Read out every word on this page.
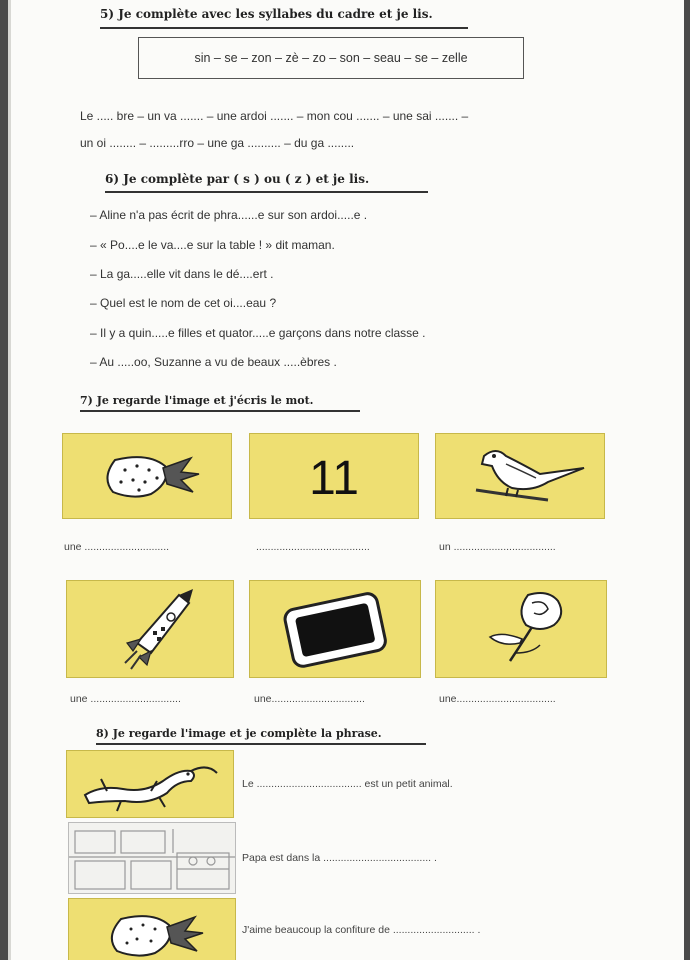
5) Je complète avec les syllabes du cadre et je lis.
sin – se – zon – zè – zo – son – seau – se – zelle
Le ..... bre – un va ....... – une ardoi ....... – mon cou ....... – une sai ....... –
un oi ........ – .........rro – une ga .......... – du ga ........
6) Je complète par ( s ) ou ( z ) et je lis.
– Aline n'a pas écrit de phra......e sur son ardoi.....e .
– « Po....e le va....e sur la table ! » dit maman.
– La ga.....elle vit dans le dé....ert .
– Quel est le nom de cet oi....eau ?
– Il y a quin.....e filles et quator.....e garçons dans notre classe .
– Au .....oo, Suzanne a vu de beaux .....èbres .
7) Je regarde l'image et j'écris le mot.
11
une .............................	.......................................	un ...................................
une ...............................	une................................	une..................................
8) Je regarde l'image et je complète la phrase.
Le .................................... est un petit animal.
Papa est dans la ..................................... .
J'aime beaucoup la confiture de ............................ .
